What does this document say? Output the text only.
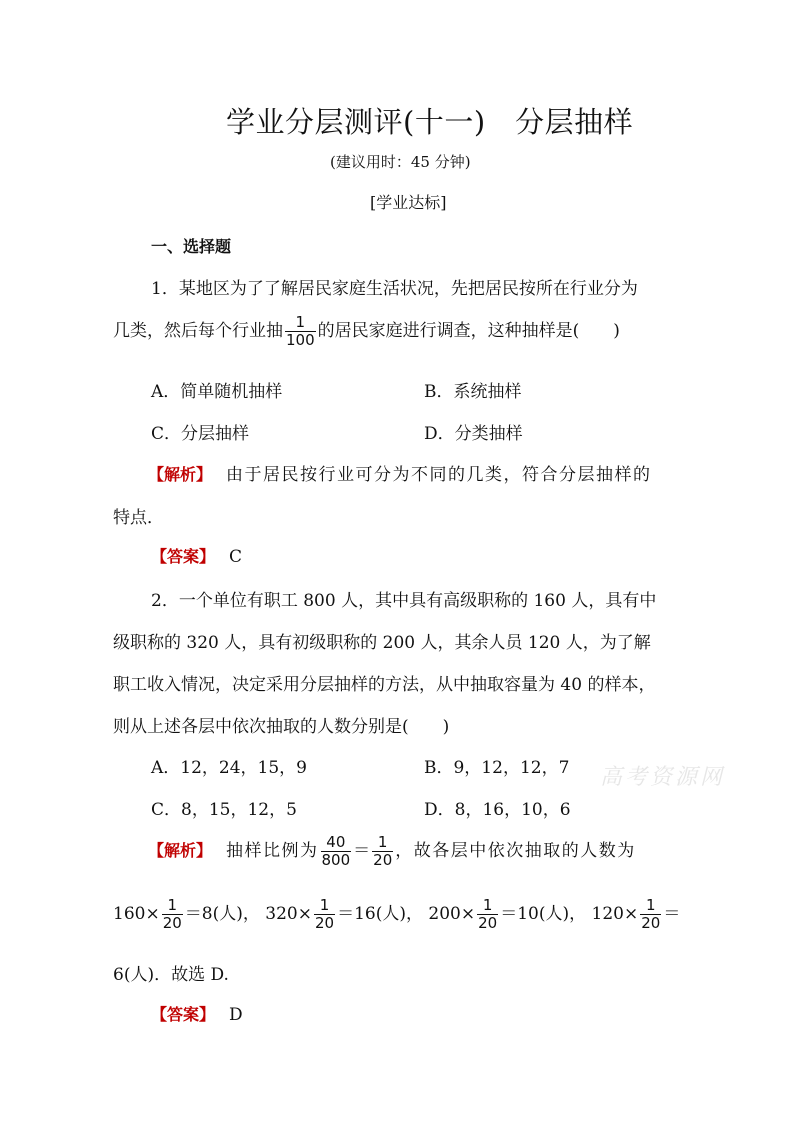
学业分层测评(十一)　分层抽样
(建议用时：45 分钟)
[学业达标]
一、选择题
1．某地区为了了解居民家庭生活状况，先把居民按所在行业分为
几类，然后每个行业抽 $\frac{1}{100}$ 的居民家庭进行调查，这种抽样是(　　)
A．简单随机抽样	B．系统抽样
C．分层抽样	D．分类抽样
【解析】 由于居民按行业可分为不同的几类，符合分层抽样的
特点．
【答案】 C
2．一个单位有职工 800 人，其中具有高级职称的 160 人，具有中
级职称的 320 人，具有初级职称的 200 人，其余人员 120 人，为了解
职工收入情况，决定采用分层抽样的方法，从中抽取容量为 40 的样本，
则从上述各层中依次抽取的人数分别是(　　)
A．12，24，15，9	B．9，12，12，7
C．8，15，12，5	D．8，16，10，6
【解析】 抽样比例为 $\frac{40}{800} = \frac{1}{20}$ ，故各层中依次抽取的人数为
$160\times \frac{1}{20} =8$(人)， $320\times \frac{1}{20} =16$(人)， $200\times \frac{1}{20} =10$(人)， $120\times \frac{1}{20}$ ＝
6(人)．故选 D.
【答案】 D
高考资源网
